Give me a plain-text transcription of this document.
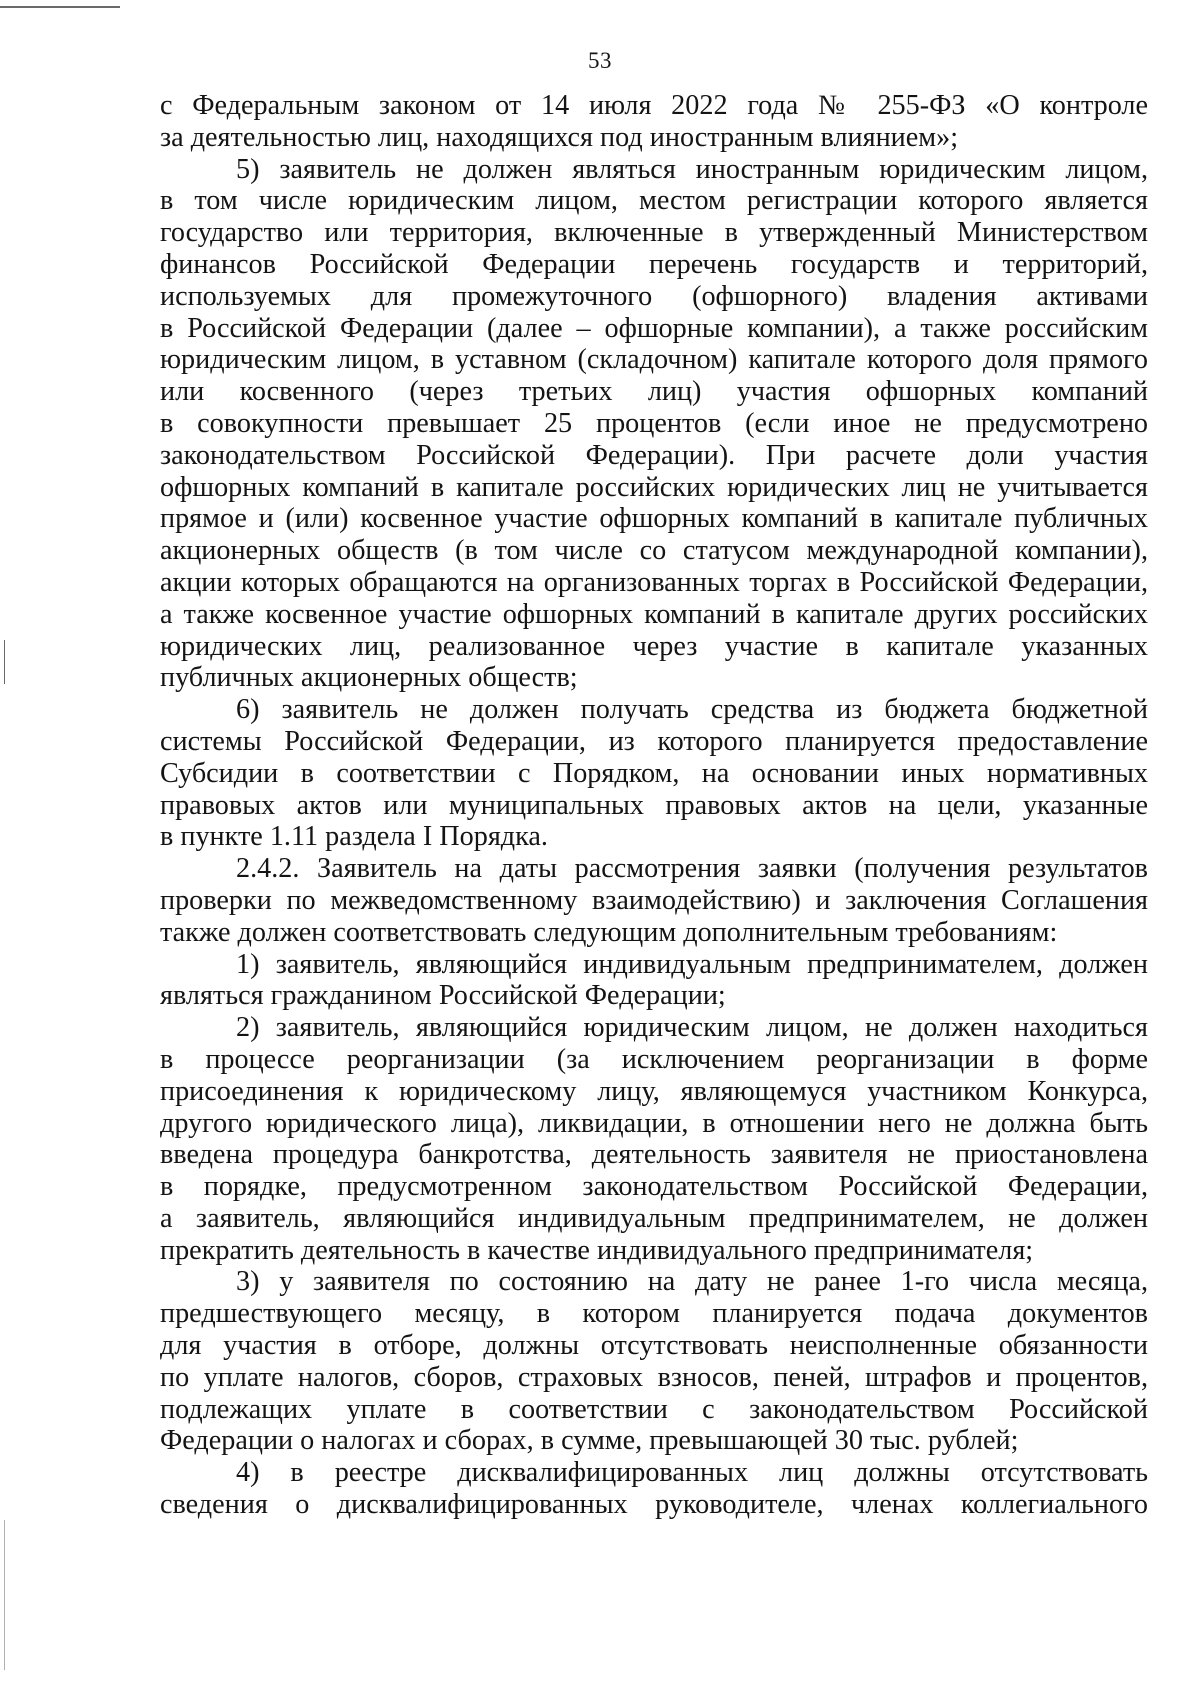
53
с Федеральным законом от 14 июля 2022 года № 255-ФЗ «О контроле
за деятельностью лиц, находящихся под иностранным влиянием»;
5) заявитель не должен являться иностранным юридическим лицом,
в том числе юридическим лицом, местом регистрации которого является
государство или территория, включенные в утвержденный Министерством
финансов Российской Федерации перечень государств и территорий,
используемых для промежуточного (офшорного) владения активами
в Российской Федерации (далее – офшорные компании), а также российским
юридическим лицом, в уставном (складочном) капитале которого доля прямого
или косвенного (через третьих лиц) участия офшорных компаний
в совокупности превышает 25 процентов (если иное не предусмотрено
законодательством Российской Федерации). При расчете доли участия
офшорных компаний в капитале российских юридических лиц не учитывается
прямое и (или) косвенное участие офшорных компаний в капитале публичных
акционерных обществ (в том числе со статусом международной компании),
акции которых обращаются на организованных торгах в Российской Федерации,
а также косвенное участие офшорных компаний в капитале других российских
юридических лиц, реализованное через участие в капитале указанных
публичных акционерных обществ;
6) заявитель не должен получать средства из бюджета бюджетной
системы Российской Федерации, из которого планируется предоставление
Субсидии в соответствии с Порядком, на основании иных нормативных
правовых актов или муниципальных правовых актов на цели, указанные
в пункте 1.11 раздела I Порядка.
2.4.2. Заявитель на даты рассмотрения заявки (получения результатов
проверки по межведомственному взаимодействию) и заключения Соглашения
также должен соответствовать следующим дополнительным требованиям:
1) заявитель, являющийся индивидуальным предпринимателем, должен
являться гражданином Российской Федерации;
2) заявитель, являющийся юридическим лицом, не должен находиться
в процессе реорганизации (за исключением реорганизации в форме
присоединения к юридическому лицу, являющемуся участником Конкурса,
другого юридического лица), ликвидации, в отношении него не должна быть
введена процедура банкротства, деятельность заявителя не приостановлена
в порядке, предусмотренном законодательством Российской Федерации,
а заявитель, являющийся индивидуальным предпринимателем, не должен
прекратить деятельность в качестве индивидуального предпринимателя;
3) у заявителя по состоянию на дату не ранее 1-го числа месяца,
предшествующего месяцу, в котором планируется подача документов
для участия в отборе, должны отсутствовать неисполненные обязанности
по уплате налогов, сборов, страховых взносов, пеней, штрафов и процентов,
подлежащих уплате в соответствии с законодательством Российской
Федерации о налогах и сборах, в сумме, превышающей 30 тыс. рублей;
4) в реестре дисквалифицированных лиц должны отсутствовать
сведения о дисквалифицированных руководителе, членах коллегиального
